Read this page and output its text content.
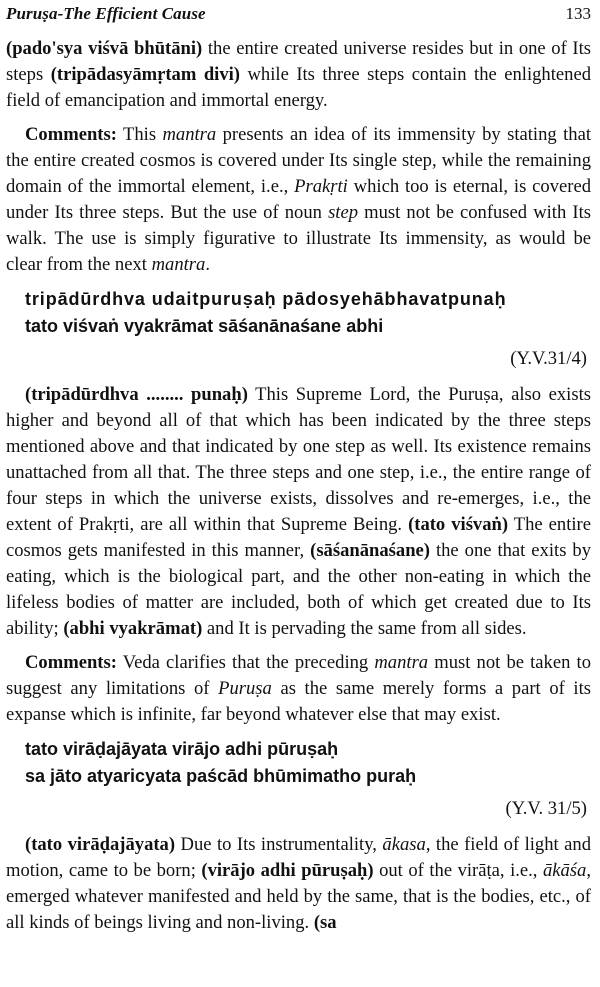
Puruṣa-The Efficient Cause	133

(pado'sya viśvā bhūtāni) the entire created universe resides but in one of Its steps (tripādasyāmṛtam divi) while Its three steps contain the enlightened field of emancipation and immortal energy.

Comments: This mantra presents an idea of its immensity by stating that the entire created cosmos is covered under Its single step, while the remaining domain of the immortal element, i.e., Prakṛti which too is eternal, is covered under Its three steps. But the use of noun step must not be confused with Its walk. The use is simply figurative to illustrate Its immensity, as would be clear from the next mantra.

tripādūrdhva udaitpuruṣaḥ pādosyehābhavatpunaḥ
tato viśvaṅ vyakrāmat sāśanānaśane abhi
(Y.V.31/4)

(tripādūrdhva ........ punaḥ) This Supreme Lord, the Puruṣa, also exists higher and beyond all of that which has been indicated by the three steps mentioned above and that indicated by one step as well. Its existence remains unattached from all that. The three steps and one step, i.e., the entire range of four steps in which the universe exists, dissolves and re-emerges, i.e., the extent of Prakṛti, are all within that Supreme Being. (tato viśvaṅ) The entire cosmos gets manifested in this manner, (sāśanānaśane) the one that exits by eating, which is the biological part, and the other non-eating in which the lifeless bodies of matter are included, both of which get created due to Its ability; (abhi vyakrāmat) and It is pervading the same from all sides.

Comments: Veda clarifies that the preceding mantra must not be taken to suggest any limitations of Puruṣa as the same merely forms a part of its expanse which is infinite, far beyond whatever else that may exist.

tato virāḍajāyata virājo adhi pūruṣaḥ
sa jāto atyaricyata paścād bhūmimatho puraḥ
(Y.V. 31/5)

(tato virāḍajāyata) Due to Its instrumentality, ākasa, the field of light and motion, came to be born; (virājo adhi pūruṣaḥ) out of the virāṭa, i.e., ākāśa, emerged whatever manifested and held by the same, that is the bodies, etc., of all kinds of beings living and non-living. (sa
